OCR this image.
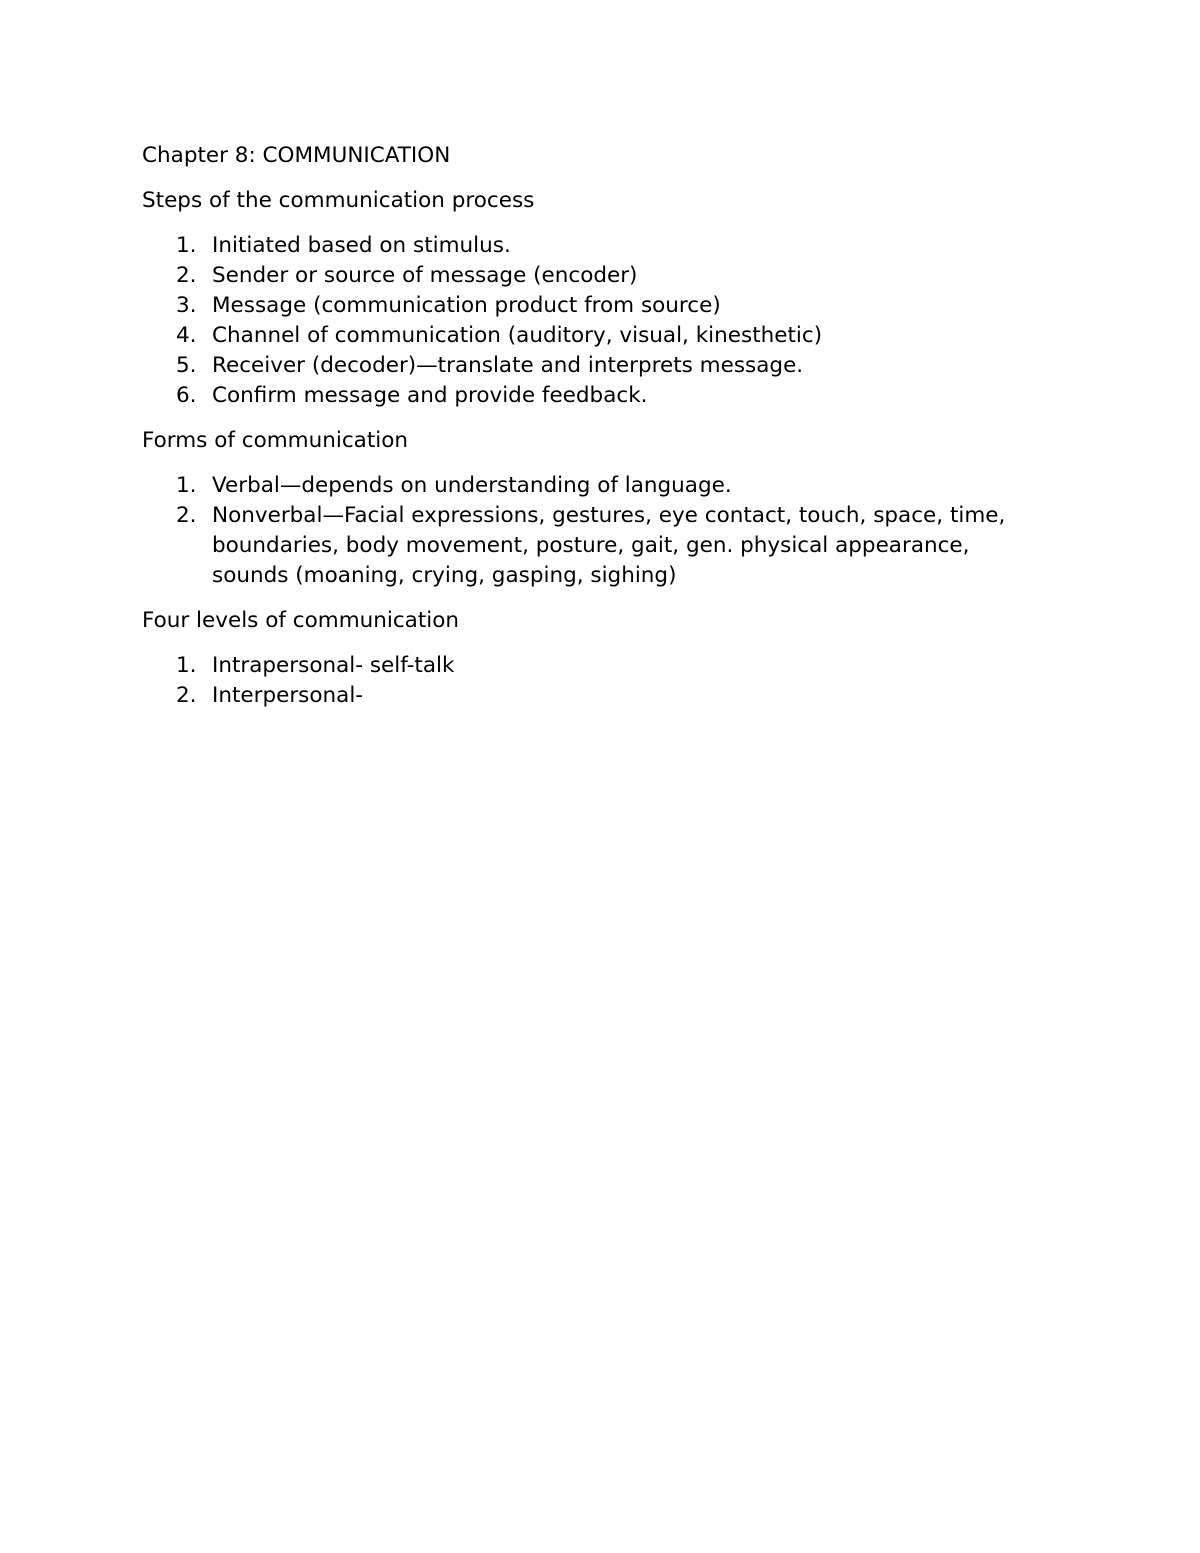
Chapter 8: COMMUNICATION

Steps of the communication process

1. Initiated based on stimulus.
2. Sender or source of message (encoder)
3. Message (communication product from source)
4. Channel of communication (auditory, visual, kinesthetic)
5. Receiver (decoder)—translate and interprets message.
6. Confirm message and provide feedback.

Forms of communication

1. Verbal—depends on understanding of language.
2. Nonverbal—Facial expressions, gestures, eye contact, touch, space, time, boundaries, body movement, posture, gait, gen. physical appearance, sounds (moaning, crying, gasping, sighing)

Four levels of communication

1. Intrapersonal- self-talk
2. Interpersonal-
